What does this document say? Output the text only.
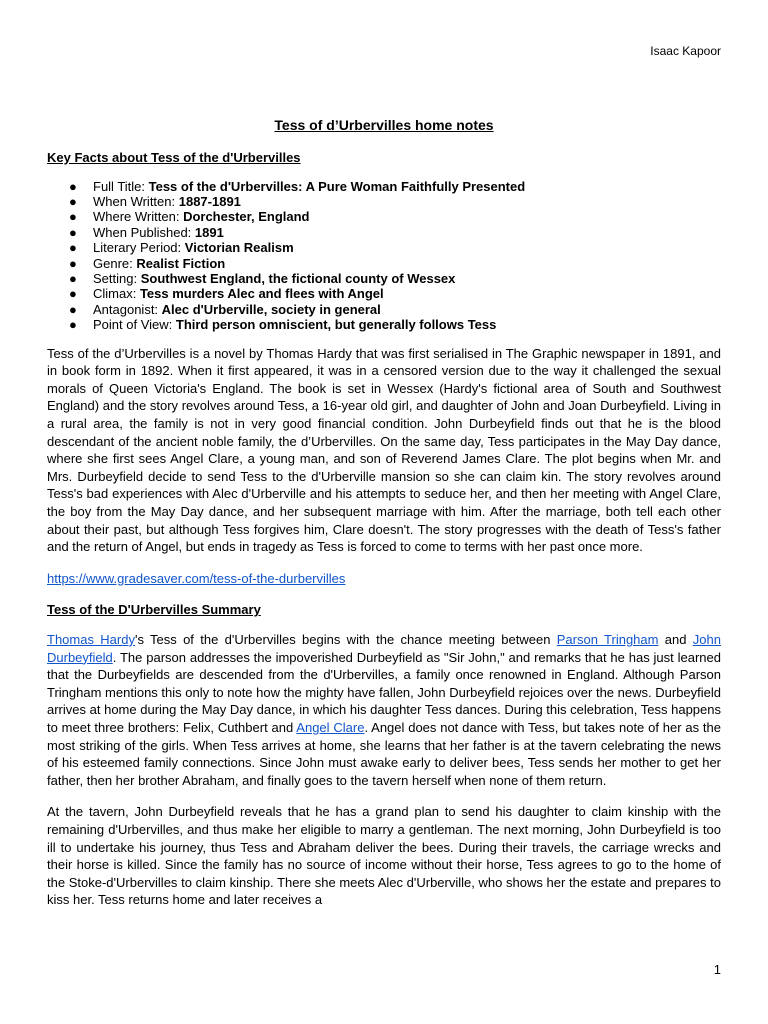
Isaac Kapoor
Tess of d’Urbervilles home notes
Key Facts about Tess of the d'Urbervilles
● Full Title: Tess of the d'Urbervilles: A Pure Woman Faithfully Presented
● When Written: 1887-1891
● Where Written: Dorchester, England
● When Published: 1891
● Literary Period: Victorian Realism
● Genre: Realist Fiction
● Setting: Southwest England, the fictional county of Wessex
● Climax: Tess murders Alec and flees with Angel
● Antagonist: Alec d'Urberville, society in general
● Point of View: Third person omniscient, but generally follows Tess

Tess of the d’Urbervilles is a novel by Thomas Hardy that was first serialised in The Graphic newspaper in 1891, and in book form in 1892. When it first appeared, it was in a censored version due to the way it challenged the sexual morals of Queen Victoria's England. The book is set in Wessex (Hardy's fictional area of South and Southwest England) and the story revolves around Tess, a 16-year old girl, and daughter of John and Joan Durbeyfield. Living in a rural area, the family is not in very good financial condition. John Durbeyfield finds out that he is the blood descendant of the ancient noble family, the d’Urbervilles. On the same day, Tess participates in the May Day dance, where she first sees Angel Clare, a young man, and son of Reverend James Clare. The plot begins when Mr. and Mrs. Durbeyfield decide to send Tess to the d'Urberville mansion so she can claim kin. The story revolves around Tess's bad experiences with Alec d'Urberville and his attempts to seduce her, and then her meeting with Angel Clare, the boy from the May Day dance, and her subsequent marriage with him. After the marriage, both tell each other about their past, but although Tess forgives him, Clare doesn't. The story progresses with the death of Tess's father and the return of Angel, but ends in tragedy as Tess is forced to come to terms with her past once more.

https://www.gradesaver.com/tess-of-the-durbervilles

Tess of the D'Urbervilles Summary

Thomas Hardy's Tess of the d'Urbervilles begins with the chance meeting between Parson Tringham and John Durbeyfield. The parson addresses the impoverished Durbeyfield as "Sir John," and remarks that he has just learned that the Durbeyfields are descended from the d'Urbervilles, a family once renowned in England. Although Parson Tringham mentions this only to note how the mighty have fallen, John Durbeyfield rejoices over the news. Durbeyfield arrives at home during the May Day dance, in which his daughter Tess dances. During this celebration, Tess happens to meet three brothers: Felix, Cuthbert and Angel Clare. Angel does not dance with Tess, but takes note of her as the most striking of the girls. When Tess arrives at home, she learns that her father is at the tavern celebrating the news of his esteemed family connections. Since John must awake early to deliver bees, Tess sends her mother to get her father, then her brother Abraham, and finally goes to the tavern herself when none of them return.

At the tavern, John Durbeyfield reveals that he has a grand plan to send his daughter to claim kinship with the remaining d'Urbervilles, and thus make her eligible to marry a gentleman. The next morning, John Durbeyfield is too ill to undertake his journey, thus Tess and Abraham deliver the bees. During their travels, the carriage wrecks and their horse is killed. Since the family has no source of income without their horse, Tess agrees to go to the home of the Stoke-d'Urbervilles to claim kinship. There she meets Alec d'Urberville, who shows her the estate and prepares to kiss her. Tess returns home and later receives a

1
